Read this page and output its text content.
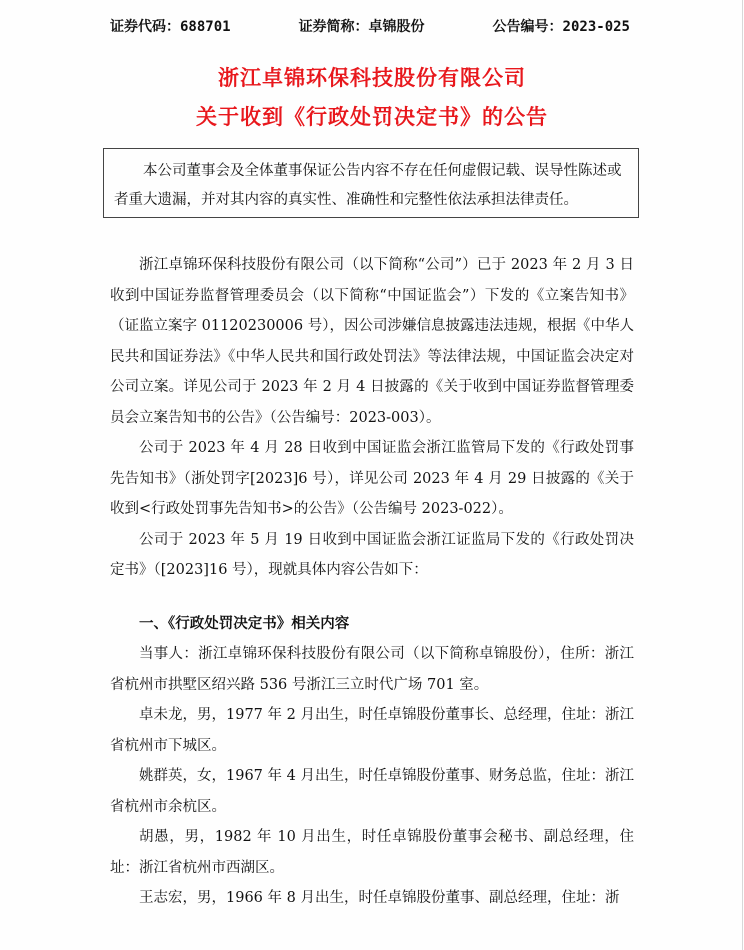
证券代码：688701	证券简称：卓锦股份	公告编号：2023-025
浙江卓锦环保科技股份有限公司
关于收到《行政处罚决定书》的公告

本公司董事会及全体董事保证公告内容不存在任何虚假记载、误导性陈述或者重大遗漏，并对其内容的真实性、准确性和完整性依法承担法律责任。

浙江卓锦环保科技股份有限公司（以下简称“公司”）已于 2023 年 2 月 3 日收到中国证券监督管理委员会（以下简称“中国证监会”）下发的《立案告知书》（证监立案字 01120230006 号），因公司涉嫌信息披露违法违规，根据《中华人民共和国证券法》《中华人民共和国行政处罚法》等法律法规，中国证监会决定对公司立案。详见公司于 2023 年 2 月 4 日披露的《关于收到中国证券监督管理委员会立案告知书的公告》（公告编号：2023-003）。

公司于 2023 年 4 月 28 日收到中国证监会浙江监管局下发的《行政处罚事先告知书》（浙处罚字[2023]6 号），详见公司 2023 年 4 月 29 日披露的《关于收到<行政处罚事先告知书>的公告》（公告编号 2023-022）。

公司于 2023 年 5 月 19 日收到中国证监会浙江证监局下发的《行政处罚决定书》（[2023]16 号），现就具体内容公告如下：

一、《行政处罚决定书》相关内容

当事人：浙江卓锦环保科技股份有限公司（以下简称卓锦股份），住所：浙江省杭州市拱墅区绍兴路 536 号浙江三立时代广场 701 室。

卓未龙，男，1977 年 2 月出生，时任卓锦股份董事长、总经理，住址：浙江省杭州市下城区。

姚群英，女，1967 年 4 月出生，时任卓锦股份董事、财务总监，住址：浙江省杭州市余杭区。

胡愚，男，1982 年 10 月出生，时任卓锦股份董事会秘书、副总经理，住址：浙江省杭州市西湖区。

王志宏，男，1966 年 8 月出生，时任卓锦股份董事、副总经理，住址：浙
